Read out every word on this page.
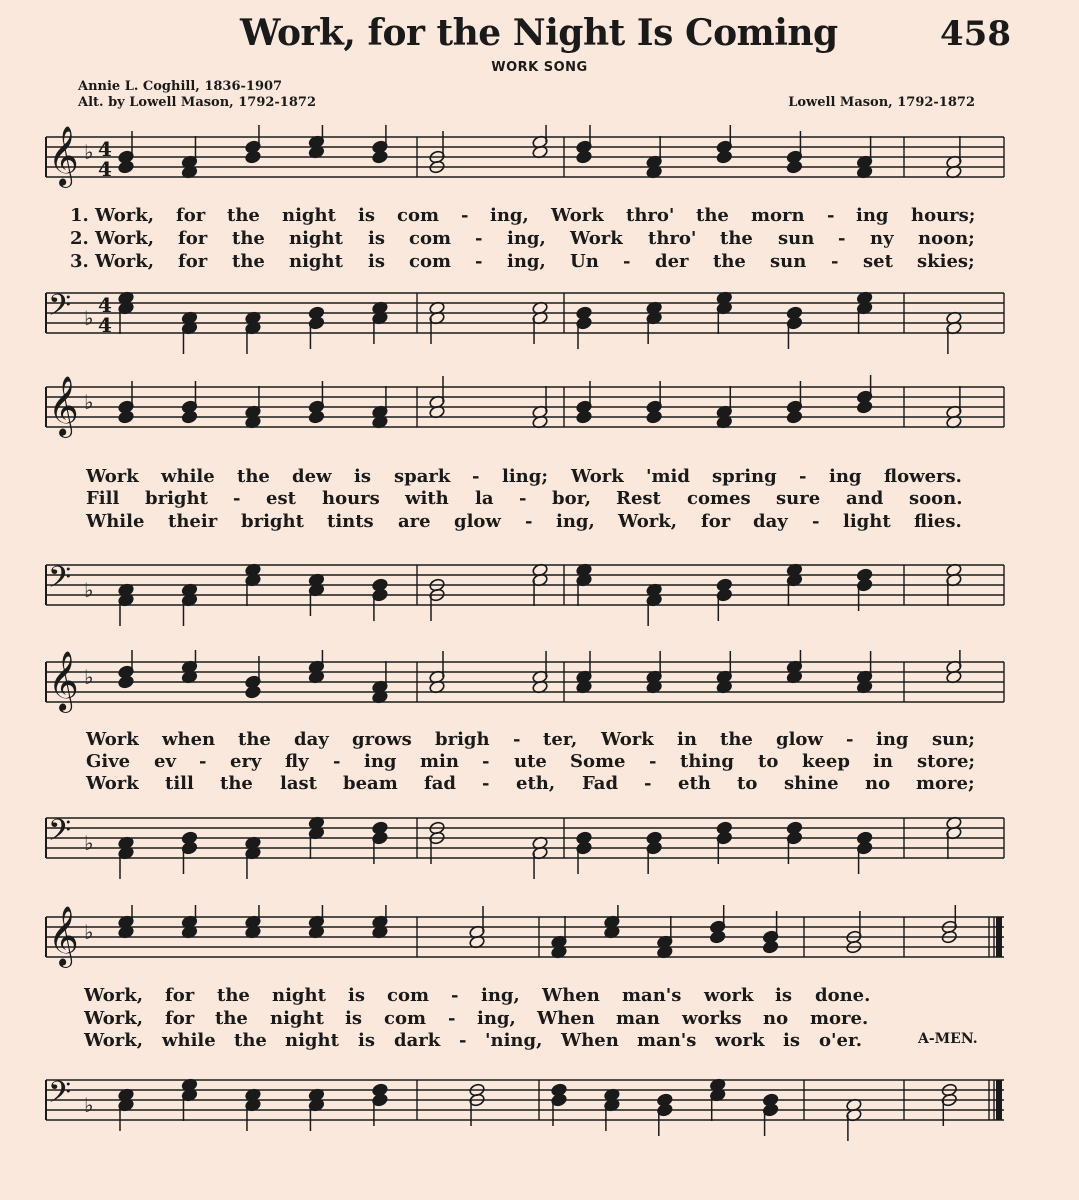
Work, for the Night Is Coming	458
WORK SONG
Annie L. Coghill, 1836-1907
Alt. by Lowell Mason, 1792-1872	Lowell Mason, 1792-1872
𝄞 ♭ 4
4
𝄢 ♭
4
4
𝄞 ♭
𝄢 ♭
𝄞 ♭
𝄢 ♭
𝄞 ♭
𝄢 ♭
1. Work, for the night is com - ing, Work thro' the morn - ing hours;
2. Work, for the night is com - ing, Work thro' the sun - ny noon;
3. Work, for the night is com - ing, Un - der the sun - set skies;
Work while the dew is spark - ling; Work 'mid spring - ing flowers.
Fill bright - est hours with la - bor, Rest comes sure and soon.
While their bright tints are glow - ing, Work, for day - light flies.
Work when the day grows brigh - ter, Work in the glow - ing sun;
Give ev - ery fly - ing min - ute Some - thing to keep in store;
Work till the last beam fad - eth, Fad - eth to shine no more;
Work, for the night is com - ing, When man's work is done.
Work, for the night is com - ing, When man works no more.
Work, while the night is dark - 'ning, When man's work is o'er.	A-MEN.
